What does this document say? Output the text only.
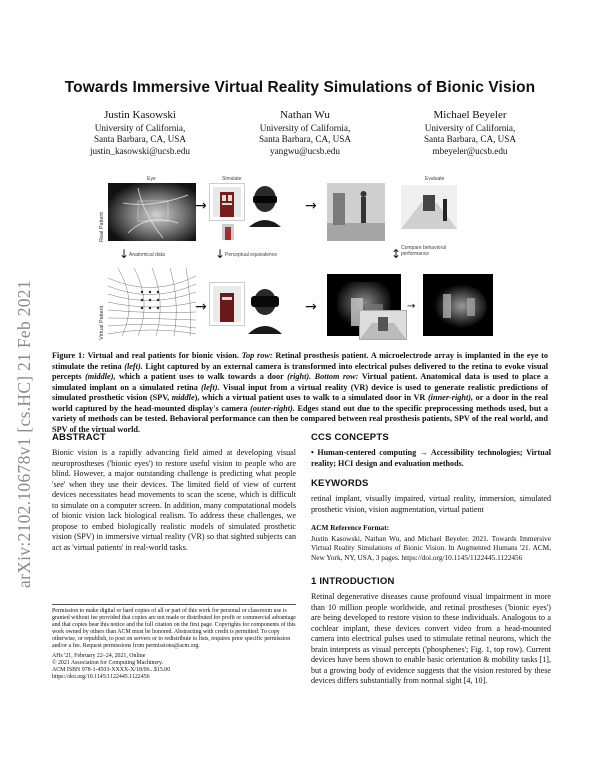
arXiv:2102.10678v1 [cs.HC] 21 Feb 2021
Towards Immersive Virtual Reality Simulations of Bionic Vision
Justin Kasowski
University of California,
Santa Barbara, CA, USA
justin_kasowski@ucsb.edu
Nathan Wu
University of California,
Santa Barbara, CA, USA
yangwu@ucsb.edu
Michael Beyeler
University of California,
Santa Barbara, CA, USA
mbeyeler@ucsb.edu
Eye	Simulate	Evaluate
Real Patient
Virtual Patient
→	→
↓ Anatomical data	↓ Perceptual equivalence	↕ Compare behavioral performance
→	→	→
Figure 1: Virtual and real patients for bionic vision. Top row: Retinal prosthesis patient. A microelectrode array is implanted in the eye to stimulate the retina (left). Light captured by an external camera is transformed into electrical pulses delivered to the retina to evoke visual percepts (middle), which a patient uses to walk towards a door (right). Bottom row: Virtual patient. Anatomical data is used to place a simulated implant on a simulated retina (left). Visual input from a virtual reality (VR) device is used to generate realistic predictions of simulated prosthetic vision (SPV, middle), which a virtual patient uses to walk to a simulated door in VR (inner-right), or a door in the real world captured by the head-mounted display's camera (outer-right). Edges stand out due to the specific preprocessing methods used, but a variety of methods can be tested. Behavioral performance can then be compared between real prosthesis patients, SPV of the real world, and SPV of the virtual world.
ABSTRACT

Bionic vision is a rapidly advancing field aimed at developing visual neuroprostheses ('bionic eyes') to restore useful vision to people who are blind. However, a major outstanding challenge is predicting what people 'see' when they use their devices. The limited field of view of current devices necessitates head movements to scan the scene, which is difficult to simulate on a computer screen. In addition, many computational models of bionic vision lack biological realism. To address these challenges, we propose to embed biologically realistic models of simulated prosthetic vision (SPV) in immersive virtual reality (VR) so that sighted subjects can act as 'virtual patients' in real-world tasks.

Permission to make digital or hard copies of all or part of this work for personal or classroom use is granted without fee provided that copies are not made or distributed for profit or commercial advantage and that copies bear this notice and the full citation on the first page. Copyrights for components of this work owned by others than ACM must be honored. Abstracting with credit is permitted. To copy otherwise, or republish, to post on servers or to redistribute to lists, requires prior specific permission and/or a fee. Request permissions from permissions@acm.org.

AHs '21, February 22–24, 2021, Online
© 2021 Association for Computing Machinery.
ACM ISBN 978-1-4503-XXXX-X/18/06...$15.00
https://doi.org/10.1145/1122445.1122456
CCS CONCEPTS

• Human-centered computing → Accessibility technologies; Virtual reality; HCI design and evaluation methods.

KEYWORDS

retinal implant, visually impaired, virtual reality, immersion, simulated prosthetic vision, vision augmentation, virtual patient

ACM Reference Format:

Justin Kasowski, Nathan Wu, and Michael Beyeler. 2021. Towards Immersive Virtual Reality Simulations of Bionic Vision. In Augmented Humans '21. ACM, New York, NY, USA, 3 pages. https://doi.org/10.1145/1122445.1122456

1 INTRODUCTION

Retinal degenerative diseases cause profound visual impairment in more than 10 million people worldwide, and retinal prostheses ('bionic eyes') are being developed to restore vision to these individuals. Analogous to a cochlear implant, these devices convert video from a head-mounted camera into electrical pulses used to stimulate retinal neurons, which the brain interprets as visual percepts ('phosphenes'; Fig. 1, top row). Current devices have been shown to enable basic orientation & mobility tasks [1], but a growing body of evidence suggests that the vision restored by these devices differs substantially from normal sight [4, 10].
